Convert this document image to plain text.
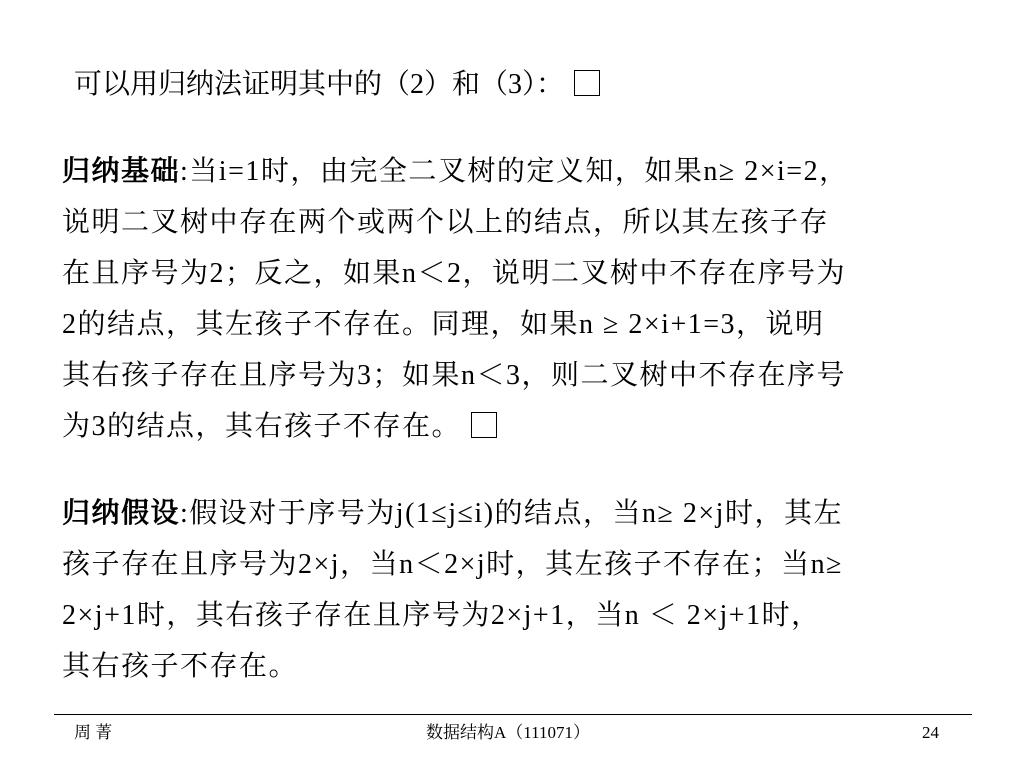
可以用归纳法证明其中的（2）和（3）：
归纳基础:当i=1时，由完全二叉树的定义知，如果n≥ 2×i=2，
说明二叉树中存在两个或两个以上的结点，所以其左孩子存
在且序号为2；反之，如果n＜2，说明二叉树中不存在序号为
2的结点，其左孩子不存在。同理，如果n ≥ 2×i+1=3，说明
其右孩子存在且序号为3；如果n＜3，则二叉树中不存在序号
为3的结点，其右孩子不存在。
归纳假设:假设对于序号为j(1≤j≤i)的结点，当n≥ 2×j时，其左
孩子存在且序号为2×j，当n＜2×j时，其左孩子不存在；当n≥
2×j+1时，其右孩子存在且序号为2×j+1，当n ＜ 2×j+1时，
其右孩子不存在。
周 菁	数据结构A（111071）	24
